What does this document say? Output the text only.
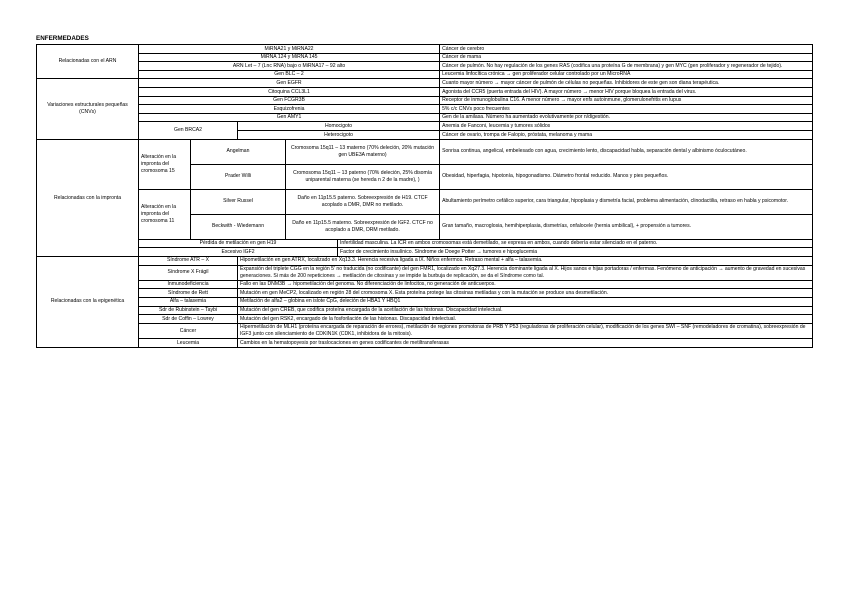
ENFERMEDADES
Relacionadas con el ARN	MiRNA21 y MiRNA22					Cáncer de cerebro
	MiRNA 124 y MiRNA 145					Cáncer de mama
	ARN Let – 7 (Lnc RNA) bajo o MiRNA17 – 92 alto					Cáncer de pulmón. No hay regulación de los genes RAS (codifica una proteína G de membrana) y gen MYC (gen proliferador y regenerador de tejido).
	Gen BLC – 2					Leucemia linfocítica crónica → gen proliferador celular controlado por un MicroRNA
Variaciones estructurales pequeñas (CNVs)	Gen EGFR					Cuanto mayor número → mayor cáncer de pulmón de células no pequeñas. Inhibidores de este gen son diana terapéutica.
	Citoquina CCL3L1					Agonista del CCR5 (puerta entrada del HIV). A mayor número → menor HIV porque bloquea la entrada del virus.
	Gen FCGR3B					Receptor de inmunoglobulina C16. A menor número → mayor enfs autoinmune, glomerulonefritis en lupus
	Esquizofrenia					5% c/c CNVs poco frecuentes
	Gen AMY1					Gen de la amilasa. Número ha aumentado evolutivamente por n/digestión.
	Gen BRCA2		Homocigoto			Anemia de Fanconi, leucemia y tumores sólidos
			Heterocigoto			Cáncer de ovario, trompa de Falopio, próstata, melanoma y mama
Relacionadas con la impronta	Alteración en la impronta del cromosoma 15	Angelman		Cromosoma 15q11 – 13 materno (70% deleción, 20% mutación gen UBE3A materno)		Sonrisa continua, angelical, embelesado con agua, crecimiento lento, discapacidad habla, separación dental y albinismo óculocutáneo.
		Prader Willi		Cromosoma 15q11 – 13 paterno (70% deleción, 25% disomía uniparental materna (se hereda n 2 de la madre), )		Obesidad, hiperfagia, hipotonía, hipogonadismo. Diámetro frontal reducido. Manos y pies pequeños.
	Alteración en la impronta del cromosoma 11	Silver Russel		Daño en 11p15.5 paterno. Sobreexpresión de H19. CTCF acoplado a DMR, DMR no metilado.		Abultamiento perímetro cefálico superior, cara triangular, hipoplasia y dismetría facial, problema alimentación, clinodactilia, retraso en habla y psicomotor.
		Beckwith - Wiedemann		Daño en 11p15.5 materno. Sobreexpresión de IGF2. CTCF no acoplado a DMR, DRM metilado.		Gran tamaño, macroglosia, hemihiperplasia, dismetrías, onfalocele (hernia umbilical), + propensión a tumores.
	Pérdida de metilación en gen H19				Infertilidad masculina. La ICR en ambos cromosomas está demetilado, se expresa en ambos, cuando debería estar silenciado en el paterno.	
	Excesivo IGF2				Factor de crecimiento insulínico. Síndrome de Doege Potter → tumores e hipoglucemia	
Relacionadas con la epigenética	Síndrome ATR – X		Hipometilación en gen ATRX, localizado en Xq13.3. Herencia recesiva ligada a lX. Niños enfermos. Retraso mental + alfa – talasemia.			
	Síndrome X Frágil		Expansión del triplete CGG en la región 5’ no traducida (no codificante) del gen FMR1, localizado en Xq27.3. Herencia dominante ligada al X. Hijos sanos e hijas portadoras / enfermas. Fenómeno de anticipación → aumento de gravedad en sucesivas generaciones. Si más de 200 repeticiones → metilación de citosinas y se impide la burbuja de replicación, se da el Síndrome como tal.			
	Inmunodeficiencia		Fallo en las DNM3B → hipometilación del genoma. No diferenciación de linfocitos, no generación de anticuerpos.			
	Síndrome de Rett		Mutación en gen MeCP2, localizado en región 28 del cromosoma X. Esta proteína protege las citosinas metiladas y con la mutación se produce una desmetilación.			
	Alfa – talasemia		Metilación de alfa2 – globina en islote CpG, deleción de HBA1 Y HBQ1			
	Sdr de Rubinstein – Taybi		Mutación del gen CREB, que codifica proteína encargada de la acetilación de las histonas. Discapacidad intelectual.			
	Sdr de Coffin – Lowrey		Mutación del gen RSK2, encargado de la fosforilación de las histonas. Discapacidad intelectual.			
	Cáncer		Hipermetilación de MLH1 (proteína encargada de reparación de errores), metilación de regiones promotoras de PRB Y P53 (reguladoras de proliferación celular), modificación de los genes SWI – SNF (remodeladores de cromatina), sobreexpresión de IGF3 junto con silenciamiento de CDKIN1K (CDK1, inhibidora de la mitosis).			
	Leucemia		Cambios en la hematopoyesis por traslocaciones en genes codificantes de metiltransferasas			
